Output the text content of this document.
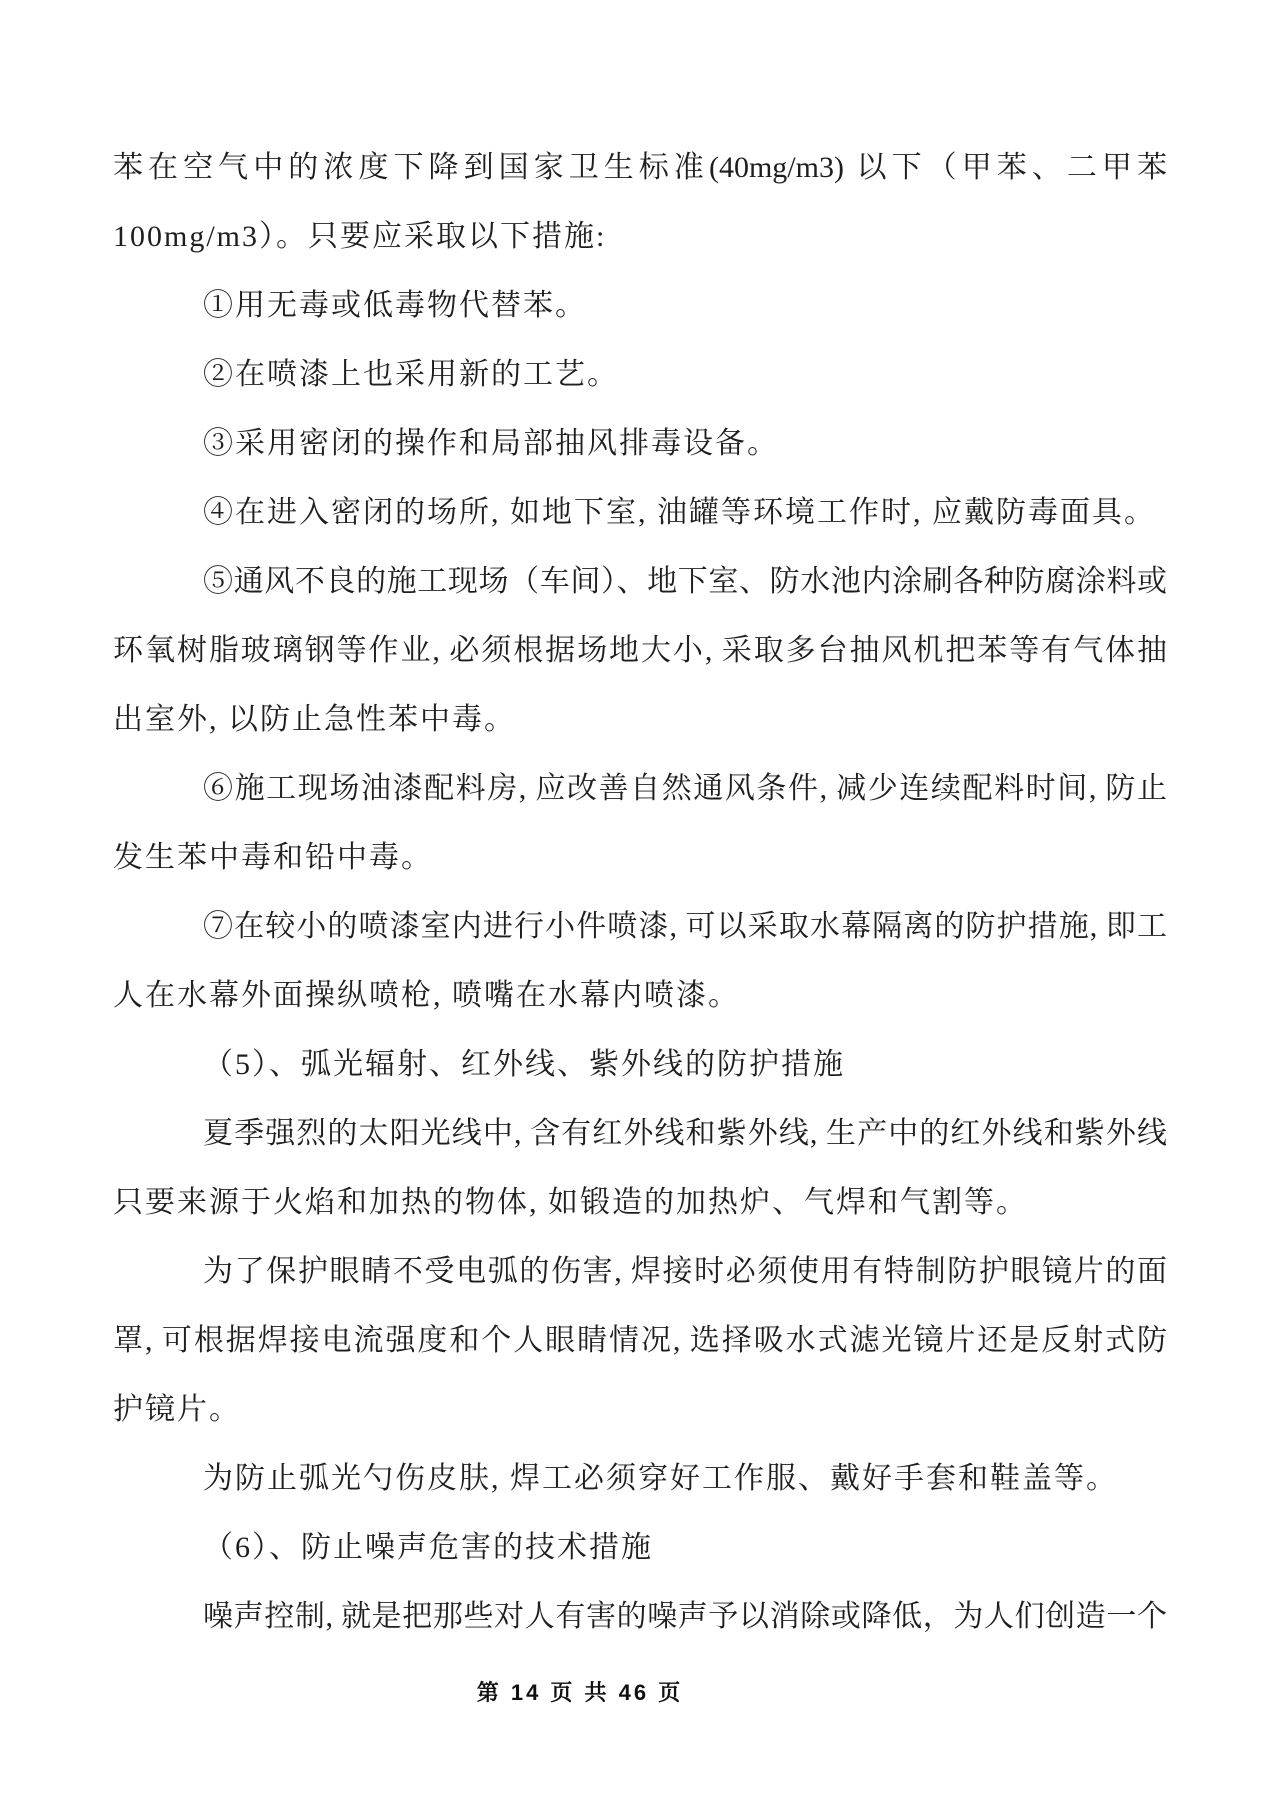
苯在空气中的浓度下降到国家卫生标准(40mg/m3) 以下（甲苯、二甲苯
100mg/m3）。只要应采取以下措施:
①用无毒或低毒物代替苯。
②在喷漆上也采用新的工艺。
③采用密闭的操作和局部抽风排毒设备。
④在进入密闭的场所, 如地下室, 油罐等环境工作时, 应戴防毒面具。
⑤通风不良的施工现场（车间）、地下室、防水池内涂刷各种防腐涂料或
环氧树脂玻璃钢等作业, 必须根据场地大小, 采取多台抽风机把苯等有气体抽
出室外, 以防止急性苯中毒。
⑥施工现场油漆配料房, 应改善自然通风条件, 减少连续配料时间, 防止
发生苯中毒和铅中毒。
⑦在较小的喷漆室内进行小件喷漆, 可以采取水幕隔离的防护措施, 即工
人在水幕外面操纵喷枪, 喷嘴在水幕内喷漆。
（5）、弧光辐射、红外线、紫外线的防护措施
夏季强烈的太阳光线中, 含有红外线和紫外线, 生产中的红外线和紫外线
只要来源于火焰和加热的物体, 如锻造的加热炉、气焊和气割等。
为了保护眼睛不受电弧的伤害, 焊接时必须使用有特制防护眼镜片的面
罩, 可根据焊接电流强度和个人眼睛情况, 选择吸水式滤光镜片还是反射式防
护镜片。
为防止弧光勺伤皮肤, 焊工必须穿好工作服、戴好手套和鞋盖等。
（6）、防止噪声危害的技术措施
噪声控制, 就是把那些对人有害的噪声予以消除或降低，为人们创造一个
第 14 页 共 46 页
